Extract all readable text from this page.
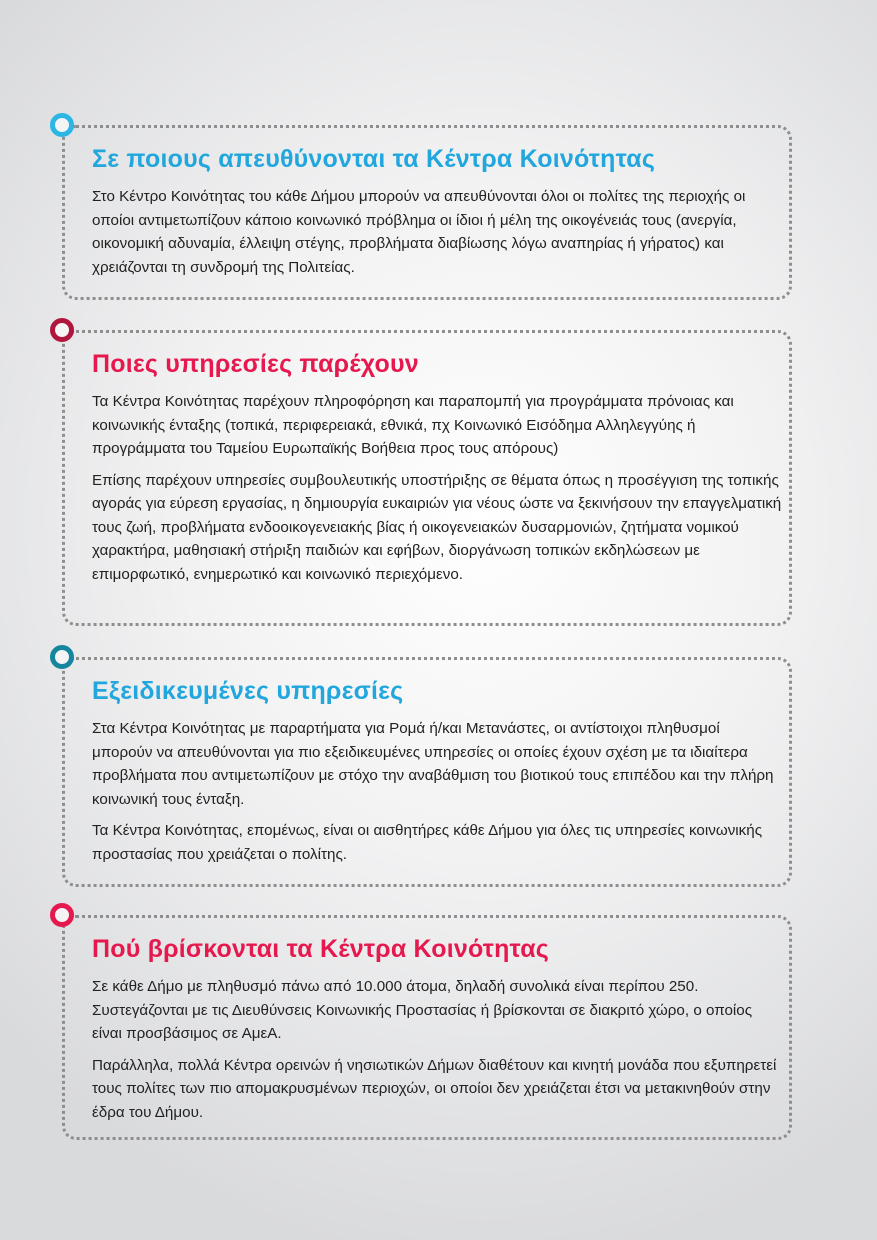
Σε ποιους απευθύνονται τα Κέντρα Κοινότητας

Στο Κέντρο Κοινότητας του κάθε Δήμου μπορούν να απευθύνονται όλοι οι πολίτες της περιοχής οι οποίοι αντιμετωπίζουν κάποιο κοινωνικό πρόβλημα οι ίδιοι ή μέλη της οικογένειάς τους (ανεργία, οικονομική αδυναμία, έλλειψη στέγης, προβλήματα διαβίωσης λόγω αναπηρίας ή γήρατος) και χρειάζονται τη συνδρομή της Πολιτείας.

Ποιες υπηρεσίες παρέχουν

Τα Κέντρα Κοινότητας παρέχουν πληροφόρηση και παραπομπή για προγράμματα πρόνοιας και κοινωνικής ένταξης (τοπικά, περιφερειακά, εθνικά, πχ Κοινωνικό Εισόδημα Αλληλεγγύης ή προγράμματα του Ταμείου Ευρωπαϊκής Βοήθεια προς τους απόρους)

Επίσης παρέχουν υπηρεσίες συμβουλευτικής υποστήριξης σε θέματα όπως η προσέγγιση της τοπικής αγοράς για εύρεση εργασίας, η δημιουργία ευκαιριών για νέους ώστε να ξεκινήσουν την επαγγελματική τους ζωή, προβλήματα ενδοοικογενειακής βίας ή οικογενειακών δυσαρμονιών, ζητήματα νομικού χαρακτήρα, μαθησιακή στήριξη παιδιών και εφήβων, διοργάνωση τοπικών εκδηλώσεων με επιμορφωτικό, ενημερωτικό και κοινωνικό περιεχόμενο.

Εξειδικευμένες υπηρεσίες

Στα Κέντρα Κοινότητας με παραρτήματα για Ρομά ή/και Μετανάστες, οι αντίστοιχοι πληθυσμοί μπορούν να απευθύνονται για πιο εξειδικευμένες υπηρεσίες οι οποίες έχουν σχέση με τα ιδιαίτερα προβλήματα που αντιμετωπίζουν με στόχο την αναβάθμιση του βιοτικού τους επιπέδου και την πλήρη κοινωνική τους ένταξη.

Τα Κέντρα Κοινότητας, επομένως, είναι οι αισθητήρες κάθε Δήμου για όλες τις υπηρεσίες κοινωνικής προστασίας που χρειάζεται ο πολίτης.

Πού βρίσκονται τα Κέντρα Κοινότητας

Σε κάθε Δήμο με πληθυσμό πάνω από 10.000 άτομα, δηλαδή συνολικά είναι περίπου 250. Συστεγάζονται με τις Διευθύνσεις Κοινωνικής Προστασίας ή βρίσκονται σε διακριτό χώρο, ο οποίος είναι προσβάσιμος σε ΑμεΑ.

Παράλληλα, πολλά Κέντρα ορεινών ή νησιωτικών Δήμων διαθέτουν και κινητή μονάδα που εξυπηρετεί τους πολίτες των πιο απομακρυσμένων περιοχών, οι οποίοι δεν χρειάζεται έτσι να μετακινηθούν στην έδρα του Δήμου.
